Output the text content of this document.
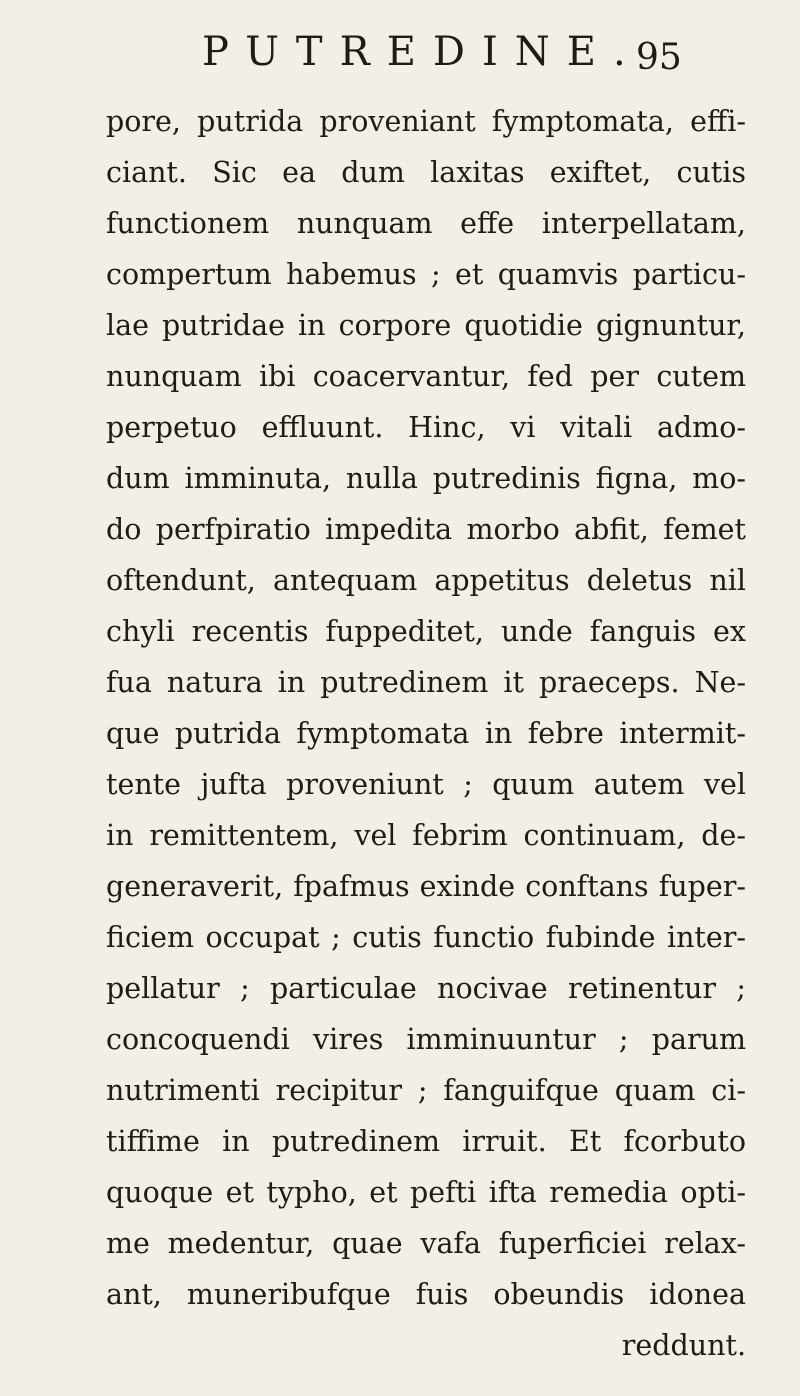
PUTREDINE.
95
pore, putrida proveniant fymptomata, effi-
ciant. Sic ea dum laxitas exiftet, cutis
functionem nunquam effe interpellatam,
compertum habemus ; et quamvis particu-
lae putridae in corpore quotidie gignuntur,
nunquam ibi coacervantur, fed per cutem
perpetuo effluunt. Hinc, vi vitali admo-
dum imminuta, nulla putredinis figna, mo-
do perfpiratio impedita morbo abfit, femet
oftendunt, antequam appetitus deletus nil
chyli recentis fuppeditet, unde fanguis ex
fua natura in putredinem it praeceps. Ne-
que putrida fymptomata in febre intermit-
tente jufta proveniunt ; quum autem vel
in remittentem, vel febrim continuam, de-
generaverit, fpafmus exinde conftans fuper-
ficiem occupat ; cutis functio fubinde inter-
pellatur ; particulae nocivae retinentur ;
concoquendi vires imminuuntur ; parum
nutrimenti recipitur ; fanguifque quam ci-
tiffime in putredinem irruit. Et fcorbuto
quoque et typho, et pefti ifta remedia opti-
me medentur, quae vafa fuperficiei relax-
ant, muneribufque fuis obeundis idonea
reddunt.
